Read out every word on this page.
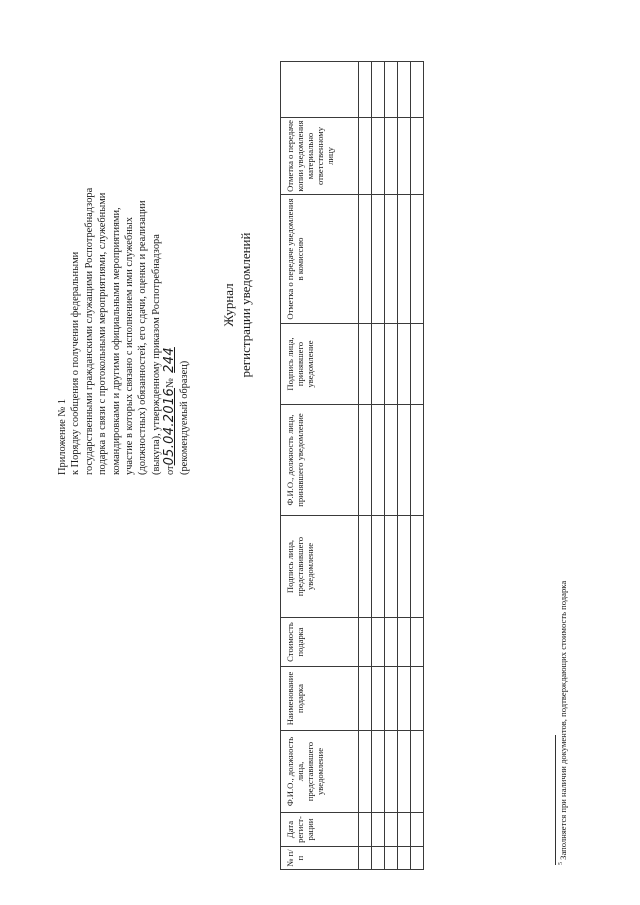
Приложение № 1 к Порядку сообщения о получении федеральными государственными гражданскими служащими Роспотребнадзора подарка в связи с протокольными мероприятиями, служебными командировками и другими официальными мероприятиями, участие в которых связано с исполнением ими служебных (должностных) обязанностей, его сдачи, оценки и реализации (выкупа), утвержденному приказом Роспотребнадзора от05.04.2016№  244
(рекомендуемый образец)
Журнал регистрации уведомлений
№ п/п	Дата регист-рации	Ф.И.О., должность лица, представившего уведомление	Наименование подарка	Стоимость подарка	Подпись лица, представившего уведомление	Ф.И.О., должность лица, принявшего уведомление	Подпись лица, принявшего уведомление	Отметка о передаче уведомления в комиссию	Отметка о передаче копии уведомления материально ответственному лицу	

$^5$ Заполняется при наличии документов, подтверждающих стоимость подарка
